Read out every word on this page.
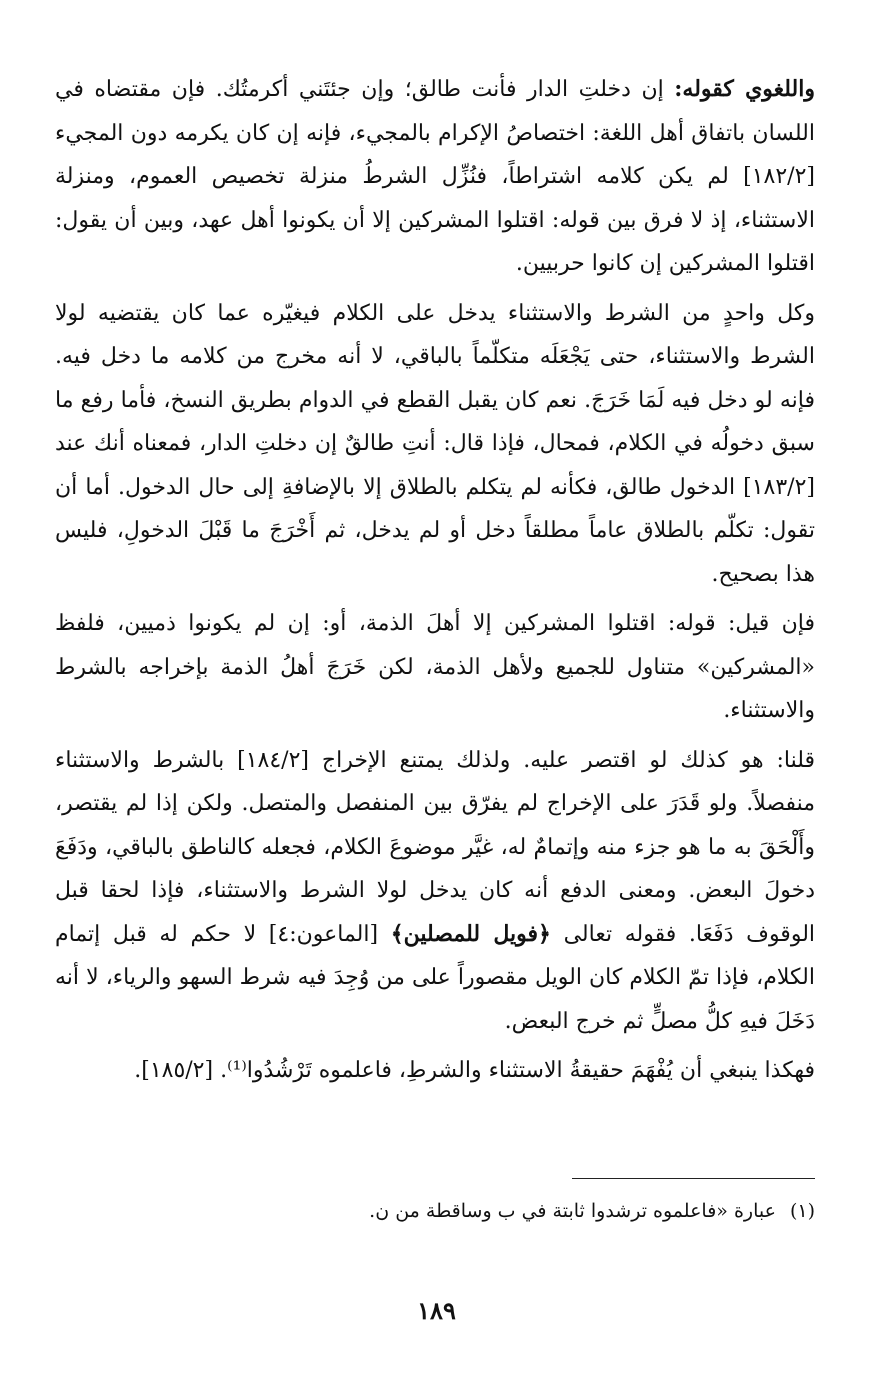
واللغوي كقوله: إن دخلتِ الدار فأنت طالق؛ وإن جئتَني أكرمتُك. فإن مقتضاه في اللسان باتفاق أهل اللغة: اختصاصُ الإكرام بالمجيء، فإنه إن كان يكرمه دون المجيء [١٨٢/٢] لم يكن كلامه اشتراطاً، فنُزِّل الشرطُ منزلة تخصيص العموم، ومنزلة الاستثناء، إذ لا فرق بين قوله: اقتلوا المشركين إلا أن يكونوا أهل عهد، وبين أن يقول: اقتلوا المشركين إن كانوا حربيين.

وكل واحدٍ من الشرط والاستثناء يدخل على الكلام فيغيّره عما كان يقتضيه لولا الشرط والاستثناء، حتى يَجْعَلَه متكلّماً بالباقي، لا أنه مخرج من كلامه ما دخل فيه. فإنه لو دخل فيه لَمَا خَرَجَ. نعم كان يقبل القطع في الدوام بطريق النسخ، فأما رفع ما سبق دخولُه في الكلام، فمحال، فإذا قال: أنتِ طالقٌ إن دخلتِ الدار، فمعناه أنك عند [١٨٣/٢] الدخول طالق، فكأنه لم يتكلم بالطلاق إلا بالإضافةِ إلى حال الدخول. أما أن تقول: تكلّم بالطلاق عاماً مطلقاً دخل أو لم يدخل، ثم أَخْرَجَ ما قَبْلَ الدخولِ، فليس هذا بصحيح.

فإن قيل: قوله: اقتلوا المشركين إلا أهلَ الذمة، أو: إن لم يكونوا ذميين، فلفظ «المشركين» متناول للجميع ولأهل الذمة، لكن خَرَجَ أهلُ الذمة بإخراجه بالشرط والاستثناء.

قلنا: هو كذلك لو اقتصر عليه. ولذلك يمتنع الإخراج [١٨٤/٢] بالشرط والاستثناء منفصلاً. ولو قَدَرَ على الإخراج لم يفرّق بين المنفصل والمتصل. ولكن إذا لم يقتصر، وأَلْحَقَ به ما هو جزء منه وإتمامٌ له، غيَّر موضوعَ الكلام، فجعله كالناطق بالباقي، ودَفَعَ دخولَ البعض. ومعنى الدفع أنه كان يدخل لولا الشرط والاستثناء، فإذا لحقا قبل الوقوف دَفَعَا. فقوله تعالى ﴿فويل للمصلين﴾ [الماعون:٤] لا حكم له قبل إتمام الكلام، فإذا تمّ الكلام كان الويل مقصوراً على من وُجِدَ فيه شرط السهو والرياء، لا أنه دَخَلَ فيهِ كلُّ مصلٍّ ثم خرج البعض.

فهكذا ينبغي أن يُفْهَمَ حقيقةُ الاستثناء والشرطِ، فاعلموه تَرْشُدُوا⁽¹⁾. [١٨٥/٢].

(١)عبارة «فاعلموه ترشدوا ثابتة في ب وساقطة من ن.
١٨٩
